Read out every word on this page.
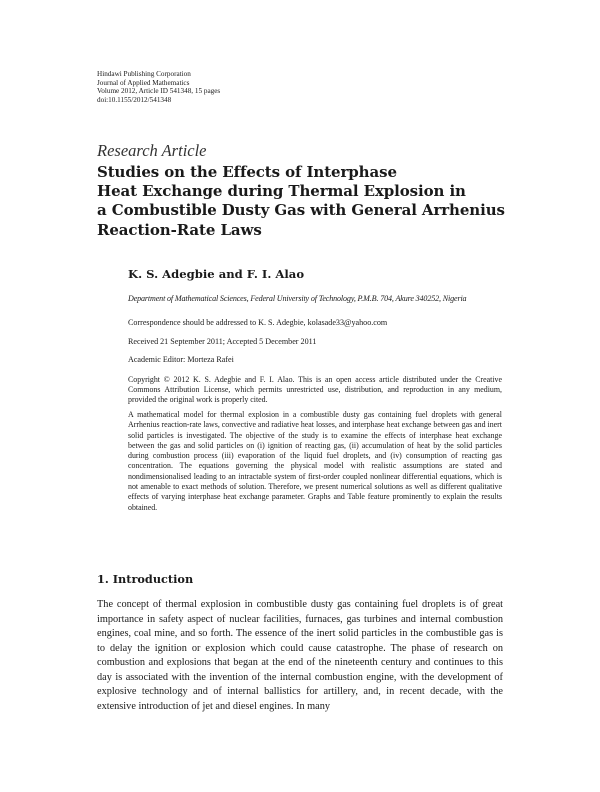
Hindawi Publishing Corporation
Journal of Applied Mathematics
Volume 2012, Article ID 541348, 15 pages
doi:10.1155/2012/541348
Research Article
Studies on the Effects of Interphase
Heat Exchange during Thermal Explosion in
a Combustible Dusty Gas with General Arrhenius
Reaction-Rate Laws
K. S. Adegbie and F. I. Alao
Department of Mathematical Sciences, Federal University of Technology, P.M.B. 704, Akure 340252, Nigeria
Correspondence should be addressed to K. S. Adegbie, kolasade33@yahoo.com
Received 21 September 2011; Accepted 5 December 2011
Academic Editor: Morteza Rafei
Copyright © 2012 K. S. Adegbie and F. I. Alao. This is an open access article distributed under the Creative Commons Attribution License, which permits unrestricted use, distribution, and reproduction in any medium, provided the original work is properly cited.
A mathematical model for thermal explosion in a combustible dusty gas containing fuel droplets with general Arrhenius reaction-rate laws, convective and radiative heat losses, and interphase heat exchange between gas and inert solid particles is investigated. The objective of the study is to examine the effects of interphase heat exchange between the gas and solid particles on (i) ignition of reacting gas, (ii) accumulation of heat by the solid particles during combustion process (iii) evaporation of the liquid fuel droplets, and (iv) consumption of reacting gas concentration. The equations governing the physical model with realistic assumptions are stated and nondimensionalised leading to an intractable system of first-order coupled nonlinear differential equations, which is not amenable to exact methods of solution. Therefore, we present numerical solutions as well as different qualitative effects of varying interphase heat exchange parameter. Graphs and Table feature prominently to explain the results obtained.
1. Introduction
The concept of thermal explosion in combustible dusty gas containing fuel droplets is of great importance in safety aspect of nuclear facilities, furnaces, gas turbines and internal combustion engines, coal mine, and so forth. The essence of the inert solid particles in the combustible gas is to delay the ignition or explosion which could cause catastrophe. The phase of research on combustion and explosions that began at the end of the nineteenth century and continues to this day is associated with the invention of the internal combustion engine, with the development of explosive technology and of internal ballistics for artillery, and, in recent decade, with the extensive introduction of jet and diesel engines. In many
